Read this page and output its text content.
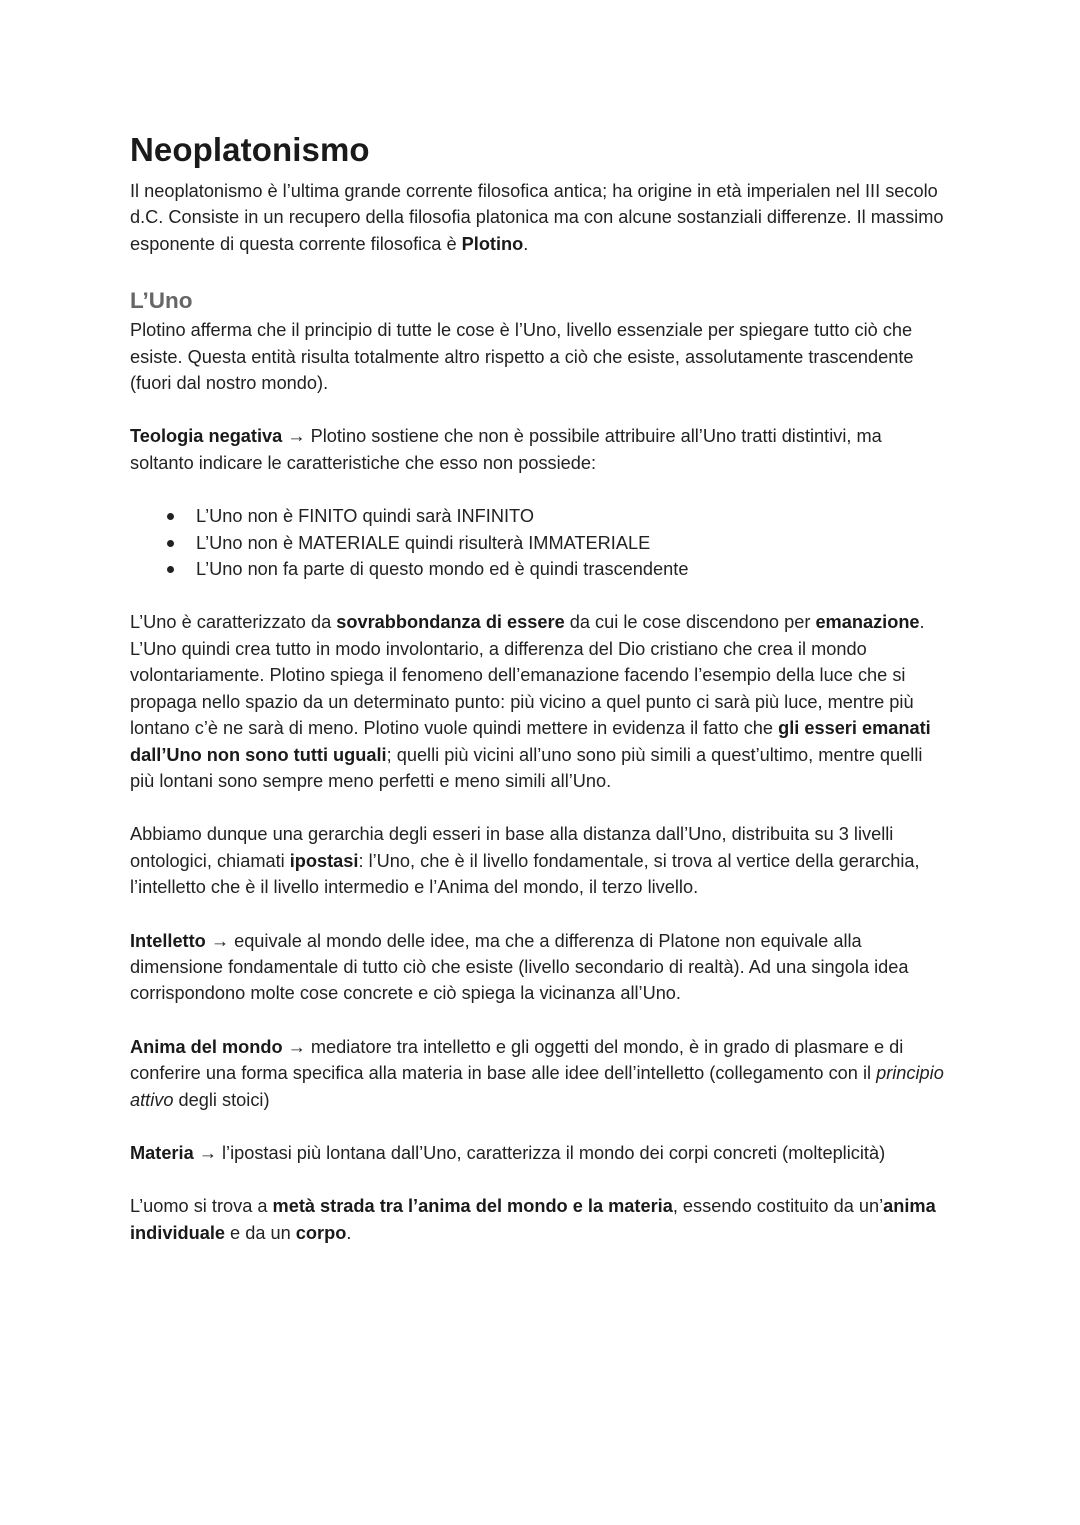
Neoplatonismo

Il neoplatonismo è l’ultima grande corrente filosofica antica; ha origine in età imperialen nel III secolo d.C. Consiste in un recupero della filosofia platonica ma con alcune sostanziali differenze. Il massimo esponente di questa corrente filosofica è Plotino.

L’Uno

Plotino afferma che il principio di tutte le cose è l’Uno, livello essenziale per spiegare tutto ciò che esiste. Questa entità risulta totalmente altro rispetto a ciò che esiste, assolutamente trascendente (fuori dal nostro mondo).

Teologia negativa → Plotino sostiene che non è possibile attribuire all’Uno tratti distintivi, ma soltanto indicare le caratteristiche che esso non possiede:

L’Uno non è FINITO quindi sarà INFINITO
L’Uno non è MATERIALE quindi risulterà IMMATERIALE
L’Uno non fa parte di questo mondo ed è quindi trascendente

L’Uno è caratterizzato da sovrabbondanza di essere da cui le cose discendono per emanazione. L’Uno quindi crea tutto in modo involontario, a differenza del Dio cristiano che crea il mondo volontariamente. Plotino spiega il fenomeno dell’emanazione facendo l’esempio della luce che si propaga nello spazio da un determinato punto: più vicino a quel punto ci sarà più luce, mentre più lontano c’è ne sarà di meno. Plotino vuole quindi mettere in evidenza il fatto che gli esseri emanati dall’Uno non sono tutti uguali; quelli più vicini all’uno sono più simili a quest’ultimo, mentre quelli più lontani sono sempre meno perfetti e meno simili all’Uno.

Abbiamo dunque una gerarchia degli esseri in base alla distanza dall’Uno, distribuita su 3 livelli ontologici, chiamati ipostasi: l’Uno, che è il livello fondamentale, si trova al vertice della gerarchia, l’intelletto che è il livello intermedio e l’Anima del mondo, il terzo livello.

Intelletto → equivale al mondo delle idee, ma che a differenza di Platone non equivale alla dimensione fondamentale di tutto ciò che esiste (livello secondario di realtà). Ad una singola idea corrispondono molte cose concrete e ciò spiega la vicinanza all’Uno.

Anima del mondo → mediatore tra intelletto e gli oggetti del mondo, è in grado di plasmare e di conferire una forma specifica alla materia in base alle idee dell’intelletto (collegamento con il principio attivo degli stoici)

Materia → l’ipostasi più lontana dall’Uno, caratterizza il mondo dei corpi concreti (molteplicità)

L’uomo si trova a metà strada tra l’anima del mondo e la materia, essendo costituito da un’anima individuale e da un corpo.
